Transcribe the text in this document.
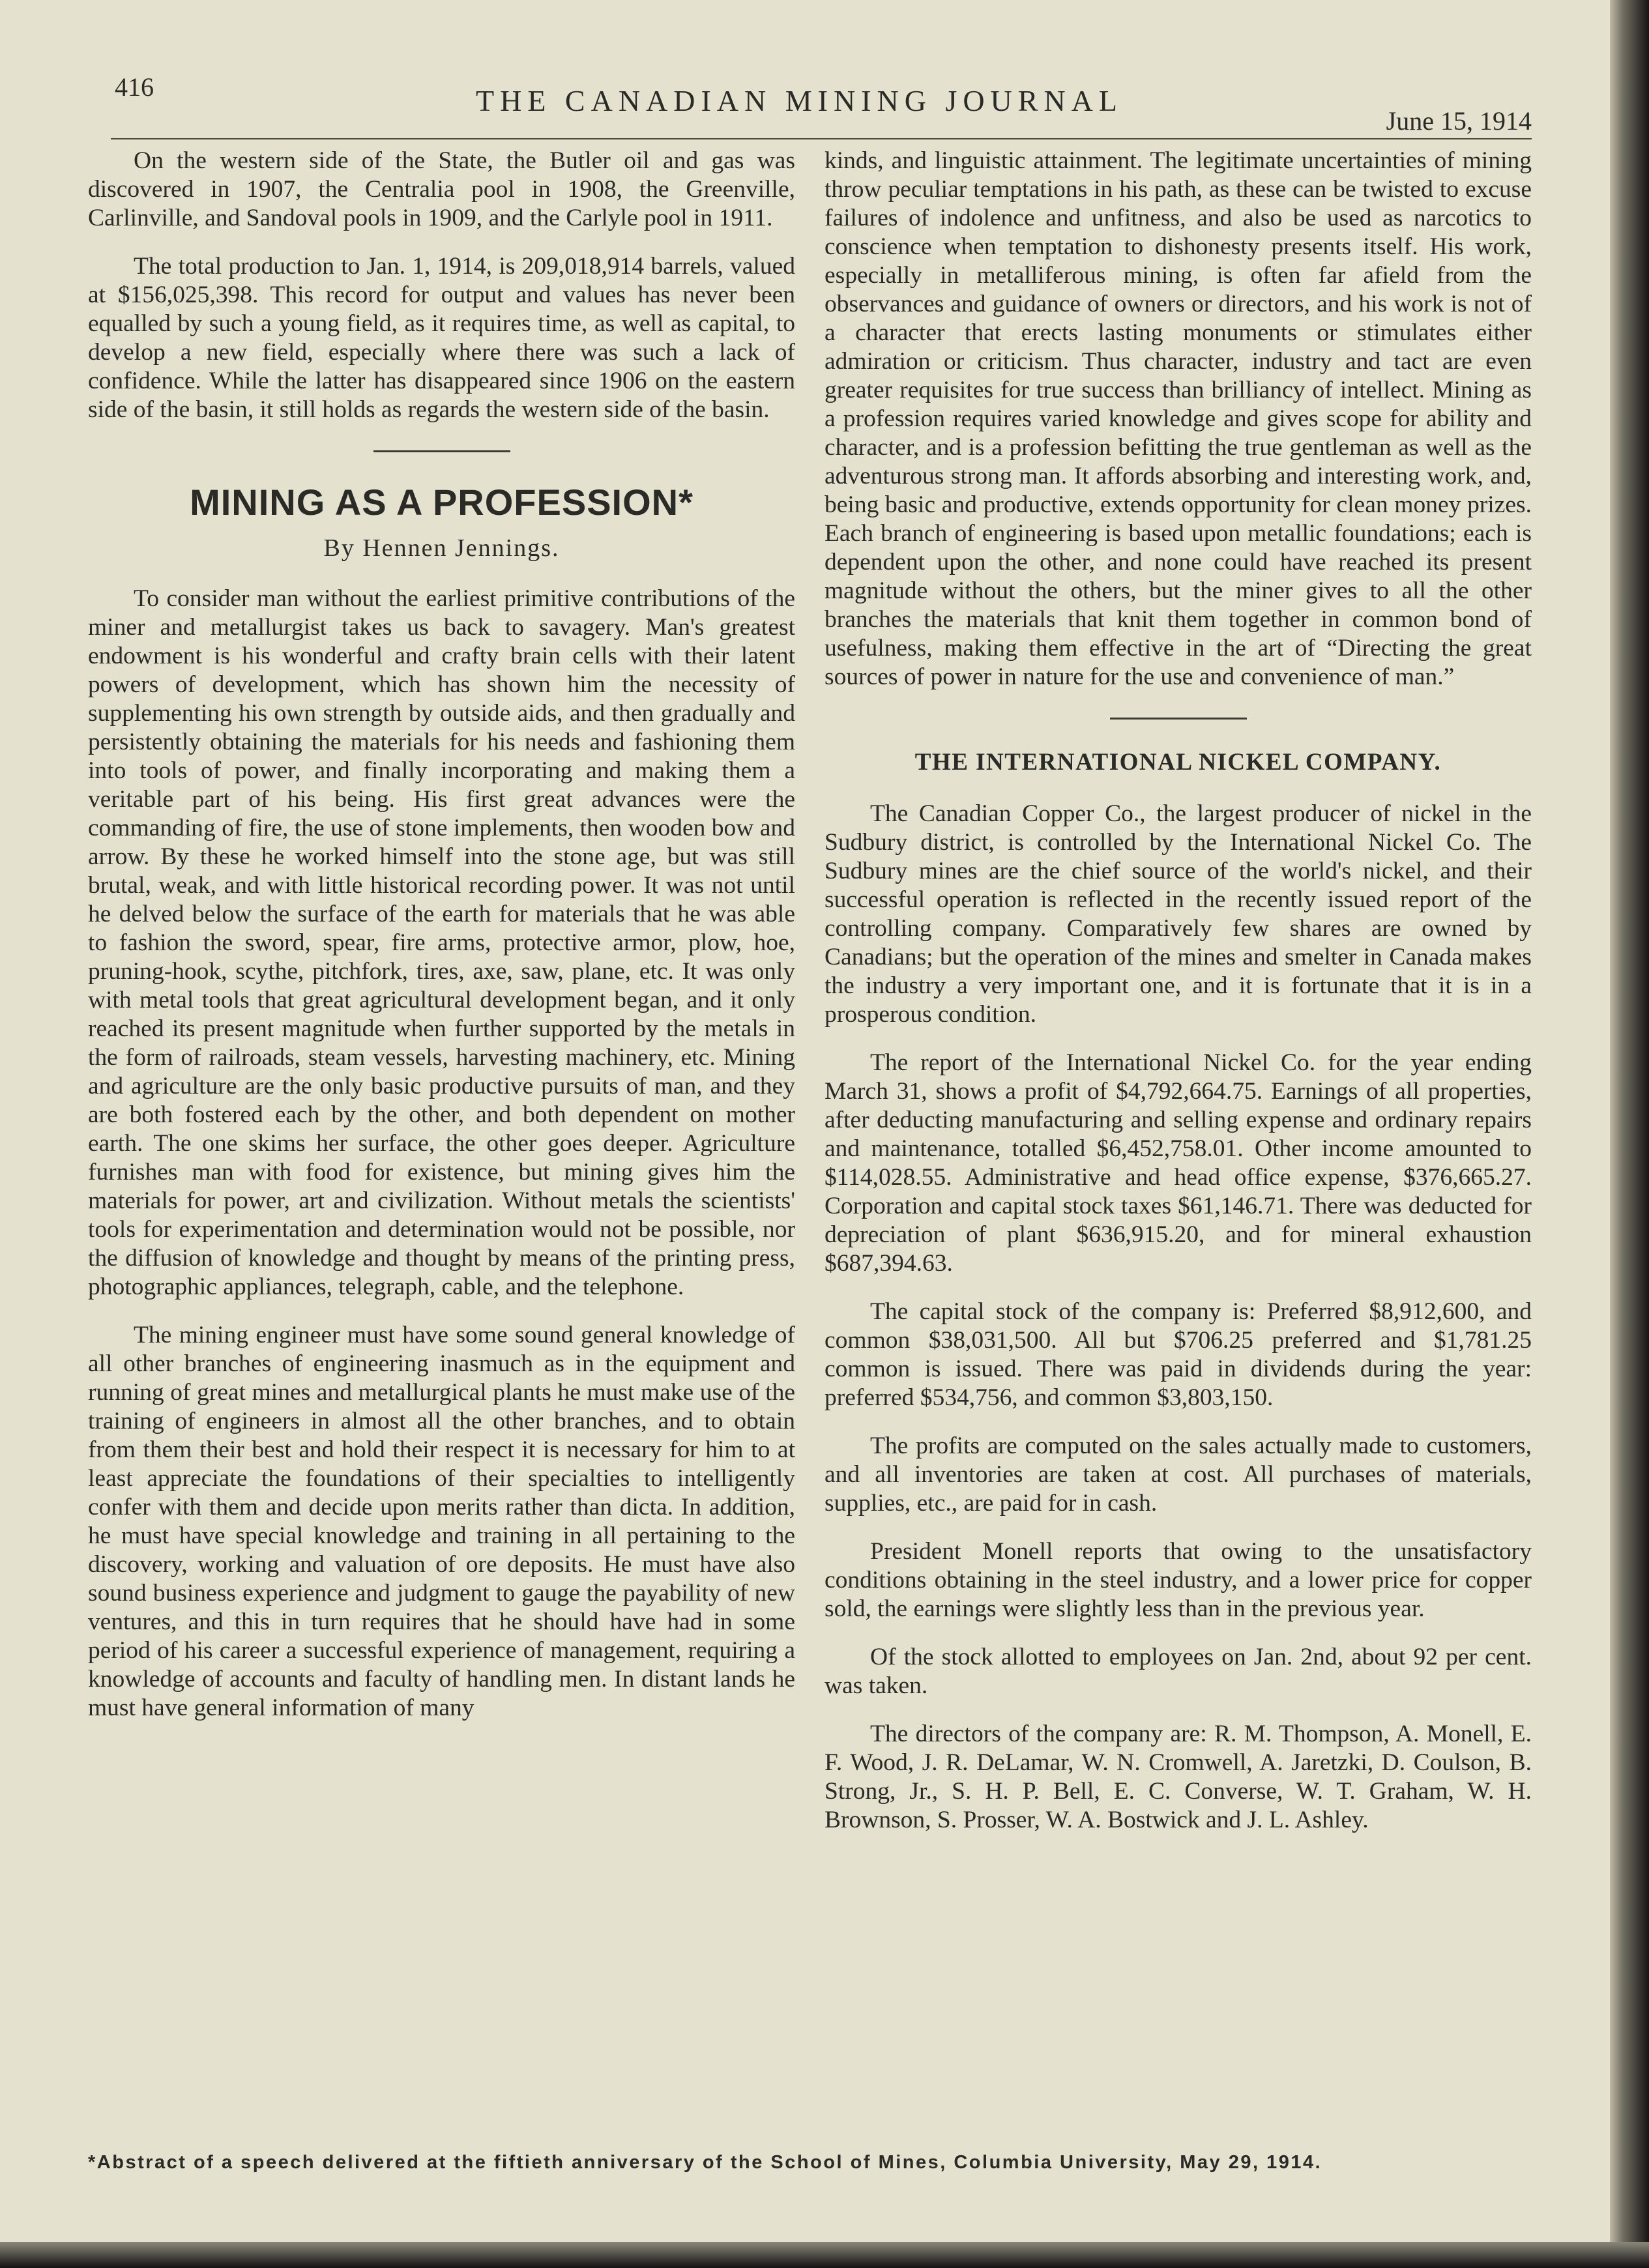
416	THE CANADIAN MINING JOURNAL
June 15, 1914

On the western side of the State, the Butler oil and gas was discovered in 1907, the Centralia pool in 1908, the Greenville, Carlinville, and Sandoval pools in 1909, and the Carlyle pool in 1911.

The total production to Jan. 1, 1914, is 209,018,914 barrels, valued at $156,025,398. This record for output and values has never been equalled by such a young field, as it requires time, as well as capital, to develop a new field, especially where there was such a lack of confidence. While the latter has disappeared since 1906 on the eastern side of the basin, it still holds as regards the western side of the basin.

MINING AS A PROFESSION*
By Hennen Jennings.

To consider man without the earliest primitive contributions of the miner and metallurgist takes us back to savagery. Man's greatest endowment is his wonderful and crafty brain cells with their latent powers of development, which has shown him the necessity of supplementing his own strength by outside aids, and then gradually and persistently obtaining the materials for his needs and fashioning them into tools of power, and finally incorporating and making them a veritable part of his being. His first great advances were the commanding of fire, the use of stone implements, then wooden bow and arrow. By these he worked himself into the stone age, but was still brutal, weak, and with little historical recording power. It was not until he delved below the surface of the earth for materials that he was able to fashion the sword, spear, fire arms, protective armor, plow, hoe, pruning-hook, scythe, pitchfork, tires, axe, saw, plane, etc. It was only with metal tools that great agricultural development began, and it only reached its present magnitude when further supported by the metals in the form of railroads, steam vessels, harvesting machinery, etc. Mining and agriculture are the only basic productive pursuits of man, and they are both fostered each by the other, and both dependent on mother earth. The one skims her surface, the other goes deeper. Agriculture furnishes man with food for existence, but mining gives him the materials for power, art and civilization. Without metals the scientists' tools for experimentation and determination would not be possible, nor the diffusion of knowledge and thought by means of the printing press, photographic appliances, telegraph, cable, and the telephone.

The mining engineer must have some sound general knowledge of all other branches of engineering inasmuch as in the equipment and running of great mines and metallurgical plants he must make use of the training of engineers in almost all the other branches, and to obtain from them their best and hold their respect it is necessary for him to at least appreciate the foundations of their specialties to intelligently confer with them and decide upon merits rather than dicta. In addition, he must have special knowledge and training in all pertaining to the discovery, working and valuation of ore deposits. He must have also sound business experience and judgment to gauge the payability of new ventures, and this in turn requires that he should have had in some period of his career a successful experience of management, requiring a knowledge of accounts and faculty of handling men. In distant lands he must have general information of many

kinds, and linguistic attainment. The legitimate uncertainties of mining throw peculiar temptations in his path, as these can be twisted to excuse failures of indolence and unfitness, and also be used as narcotics to conscience when temptation to dishonesty presents itself. His work, especially in metalliferous mining, is often far afield from the observances and guidance of owners or directors, and his work is not of a character that erects lasting monuments or stimulates either admiration or criticism. Thus character, industry and tact are even greater requisites for true success than brilliancy of intellect. Mining as a profession requires varied knowledge and gives scope for ability and character, and is a profession befitting the true gentleman as well as the adventurous strong man. It affords absorbing and interesting work, and, being basic and productive, extends opportunity for clean money prizes. Each branch of engineering is based upon metallic foundations; each is dependent upon the other, and none could have reached its present magnitude without the others, but the miner gives to all the other branches the materials that knit them together in common bond of usefulness, making them effective in the art of “Directing the great sources of power in nature for the use and convenience of man.”

THE INTERNATIONAL NICKEL COMPANY.

The Canadian Copper Co., the largest producer of nickel in the Sudbury district, is controlled by the International Nickel Co. The Sudbury mines are the chief source of the world's nickel, and their successful operation is reflected in the recently issued report of the controlling company. Comparatively few shares are owned by Canadians; but the operation of the mines and smelter in Canada makes the industry a very important one, and it is fortunate that it is in a prosperous condition.

The report of the International Nickel Co. for the year ending March 31, shows a profit of $4,792,664.75. Earnings of all properties, after deducting manufacturing and selling expense and ordinary repairs and maintenance, totalled $6,452,758.01. Other income amounted to $114,028.55. Administrative and head office expense, $376,665.27. Corporation and capital stock taxes $61,146.71. There was deducted for depreciation of plant $636,915.20, and for mineral exhaustion $687,394.63.

The capital stock of the company is: Preferred $8,912,600, and common $38,031,500. All but $706.25 preferred and $1,781.25 common is issued. There was paid in dividends during the year: preferred $534,756, and common $3,803,150.

The profits are computed on the sales actually made to customers, and all inventories are taken at cost. All purchases of materials, supplies, etc., are paid for in cash.

President Monell reports that owing to the unsatisfactory conditions obtaining in the steel industry, and a lower price for copper sold, the earnings were slightly less than in the previous year.

Of the stock allotted to employees on Jan. 2nd, about 92 per cent. was taken.

The directors of the company are: R. M. Thompson, A. Monell, E. F. Wood, J. R. DeLamar, W. N. Cromwell, A. Jaretzki, D. Coulson, B. Strong, Jr., S. H. P. Bell, E. C. Converse, W. T. Graham, W. H. Brownson, S. Prosser, W. A. Bostwick and J. L. Ashley.

*Abstract of a speech delivered at the fiftieth anniversary of the School of Mines, Columbia University, May 29, 1914.
